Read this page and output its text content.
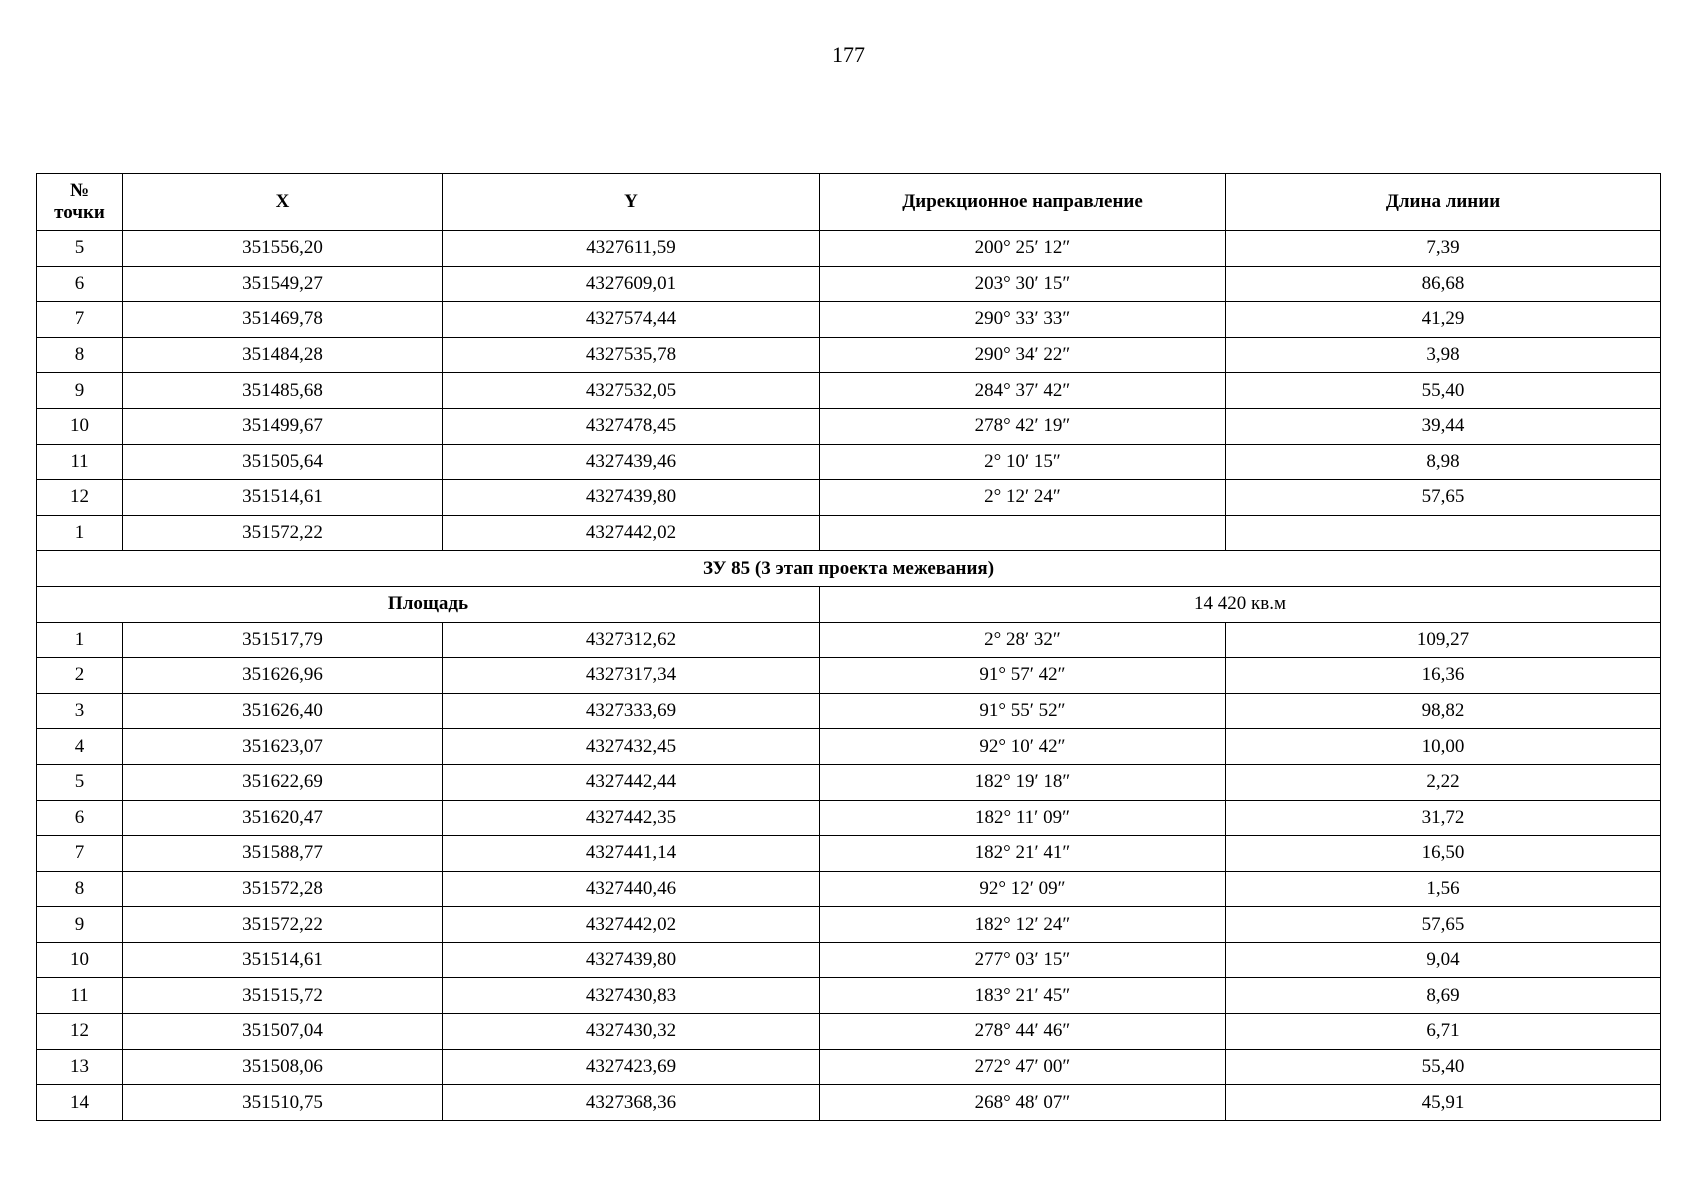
177
№
точки	X	Y	Дирекционное направление	Длина линии
5	351556,20	4327611,59	200° 25′ 12″	7,39
6	351549,27	4327609,01	203° 30′ 15″	86,68
7	351469,78	4327574,44	290° 33′ 33″	41,29
8	351484,28	4327535,78	290° 34′ 22″	3,98
9	351485,68	4327532,05	284° 37′ 42″	55,40
10	351499,67	4327478,45	278° 42′ 19″	39,44
11	351505,64	4327439,46	2° 10′ 15″	8,98
12	351514,61	4327439,80	2° 12′ 24″	57,65
1	351572,22	4327442,02		
ЗУ 85 (3 этап проекта межевания)				
Площадь			14 420 кв.м	
1	351517,79	4327312,62	2° 28′ 32″	109,27
2	351626,96	4327317,34	91° 57′ 42″	16,36
3	351626,40	4327333,69	91° 55′ 52″	98,82
4	351623,07	4327432,45	92° 10′ 42″	10,00
5	351622,69	4327442,44	182° 19′ 18″	2,22
6	351620,47	4327442,35	182° 11′ 09″	31,72
7	351588,77	4327441,14	182° 21′ 41″	16,50
8	351572,28	4327440,46	92° 12′ 09″	1,56
9	351572,22	4327442,02	182° 12′ 24″	57,65
10	351514,61	4327439,80	277° 03′ 15″	9,04
11	351515,72	4327430,83	183° 21′ 45″	8,69
12	351507,04	4327430,32	278° 44′ 46″	6,71
13	351508,06	4327423,69	272° 47′ 00″	55,40
14	351510,75	4327368,36	268° 48′ 07″	45,91
